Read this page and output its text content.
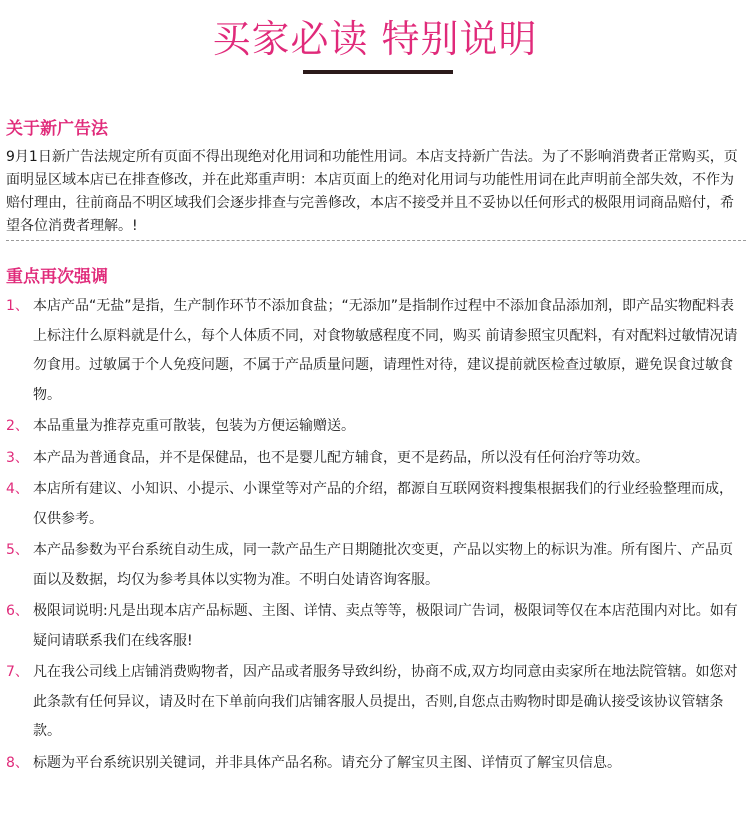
买家必读 特别说明
关于新广告法

9月1日新广告法规定所有页面不得出现绝对化用词和功能性用词。本店支持新广告法。为了不影响消费者正常购买，页面明显区域本店已在排查修改，并在此郑重声明：本店页面上的绝对化用词与功能性用词在此声明前全部失效，不作为赔付理由，往前商品不明区域我们会逐步排查与完善修改，本店不接受并且不妥协以任何形式的极限用词商品赔付，希望各位消费者理解。!

重点再次强调
1、 本店产品“无盐”是指，生产制作环节不添加食盐；“无添加”是指制作过程中不添加食品添加剂，即产品实物配料表上标注什么原料就是什么，每个人体质不同，对食物敏感程度不同，购买 前请参照宝贝配料，有对配料过敏情况请勿食用。过敏属于个人免疫问题，不属于产品质量问题，请理性对待，建议提前就医检查过敏原，避免误食过敏食物。
2、 本品重量为推荐克重可散装，包装为方便运输赠送。
3、 本产品为普通食品，并不是保健品，也不是婴儿配方辅食，更不是药品，所以没有任何治疗等功效。
4、 本店所有建议、小知识、小提示、小课堂等对产品的介绍，都源自互联网资料搜集根据我们的行业经验整理而成，仅供参考。
5、 本产品参数为平台系统自动生成，同一款产品生产日期随批次变更，产品以实物上的标识为准。所有图片、产品页面以及数据，均仅为参考具体以实物为准。不明白处请咨询客服。
6、 极限词说明:凡是出现本店产品标题、主图、详情、卖点等等，极限词广告词，极限词等仅在本店范围内对比。如有疑问请联系我们在线客服!
7、 凡在我公司线上店铺消费购物者，因产品或者服务导致纠纷，协商不成,双方均同意由卖家所在地法院管辖。如您对此条款有任何异议，请及时在下单前向我们店铺客服人员提出，否则,自您点击购物时即是确认接受该协议管辖条款。
8、 标题为平台系统识别关键词，并非具体产品名称。请充分了解宝贝主图、详情页了解宝贝信息。
